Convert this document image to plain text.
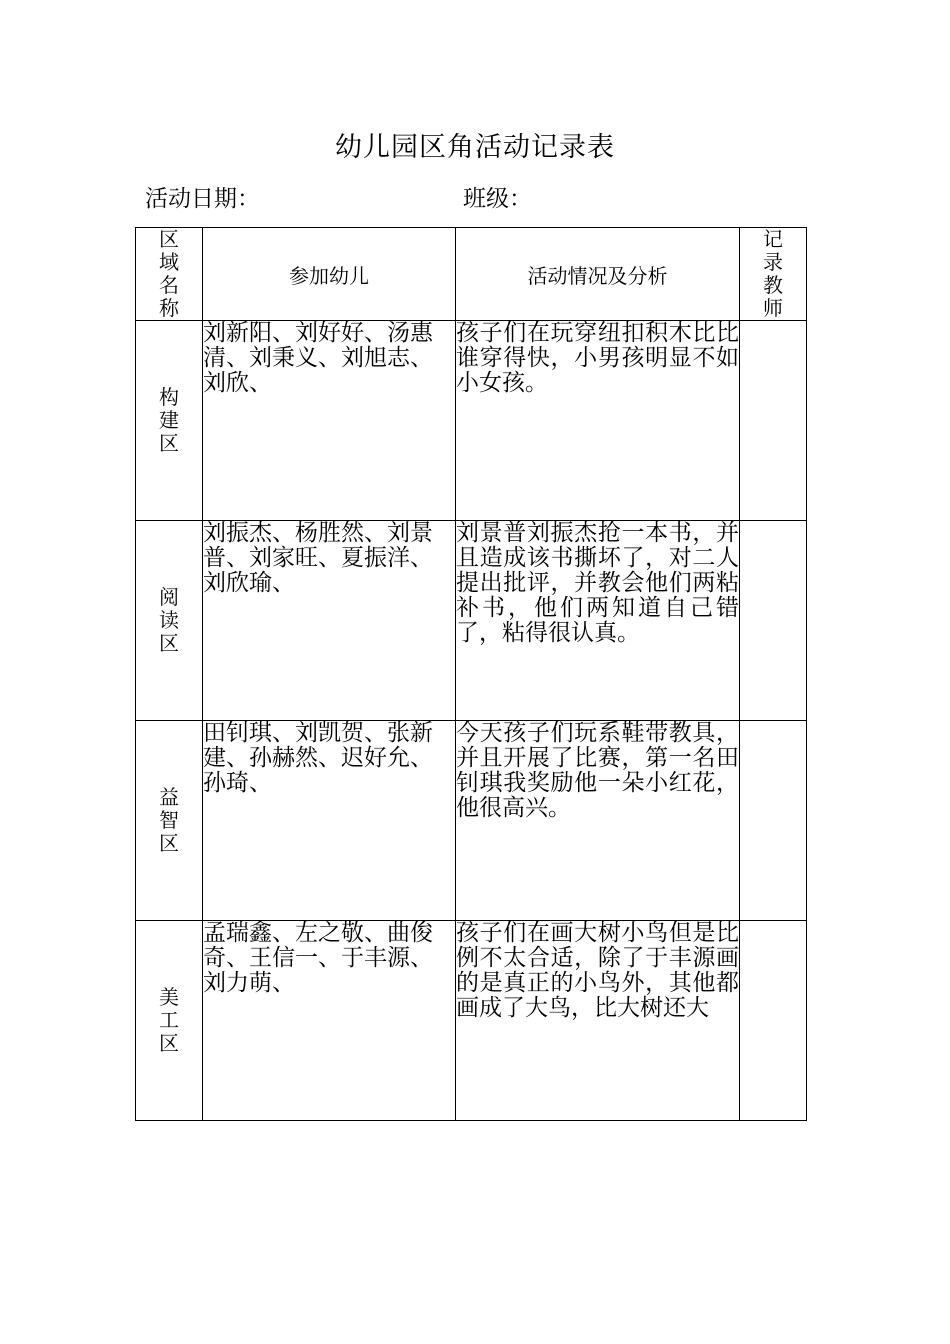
幼儿园区角活动记录表
活动日期：	班级：
区域名称	参加幼儿	活动情况及分析	记录教师
构建区	刘新阳、刘好好、汤惠清、刘秉义、刘旭志、刘欣、	孩子们在玩穿纽扣积木比比谁穿得快，小男孩明显不如小女孩。	
阅读区	刘振杰、杨胜然、刘景普、刘家旺、夏振洋、刘欣瑜、	刘景普刘振杰抢一本书，并且造成该书撕坏了，对二人提出批评，并教会他们两粘补书，他们两知道自己错了，粘得很认真。	
益智区	田钊琪、刘凯贺、张新建、孙赫然、迟好允、孙琦、	今天孩子们玩系鞋带教具，并且开展了比赛，第一名田钊琪我奖励他一朵小红花，他很高兴。	
美工区	孟瑞鑫、左之敬、曲俊奇、王信一、于丰源、刘力萌、	孩子们在画大树小鸟但是比例不太合适，除了于丰源画的是真正的小鸟外，其他都画成了大鸟，比大树还大	
